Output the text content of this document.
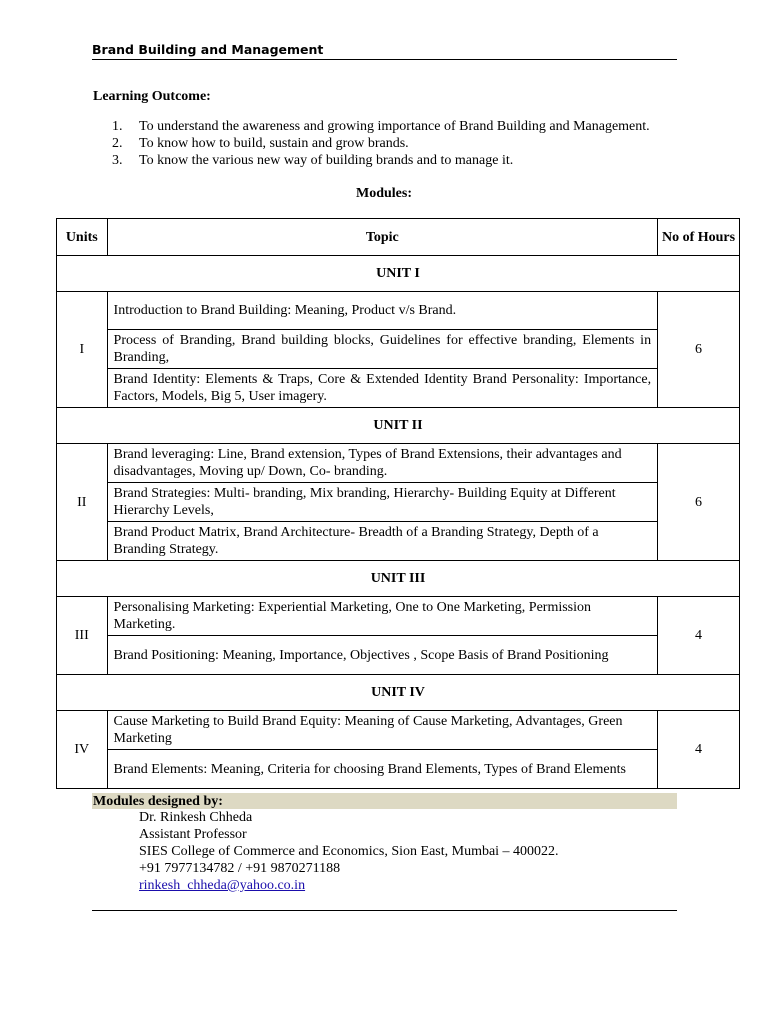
Brand Building and Management
Learning Outcome:
1. To understand the awareness and growing importance of Brand Building and Management.
2. To know how to build, sustain and grow brands.
3. To know the various new way of building brands and to manage it.
Modules:
Units	Topic	No of Hours
UNIT I		
I	Introduction to Brand Building: Meaning, Product v/s Brand.	6
	Process of Branding, Brand building blocks, Guidelines for effective branding, Elements in Branding,	
	Brand Identity: Elements & Traps, Core & Extended Identity Brand Personality: Importance, Factors, Models, Big 5, User imagery.	
UNIT II		
II	Brand leveraging: Line, Brand extension, Types of Brand Extensions, their advantages and disadvantages, Moving up/ Down, Co- branding.	6
	Brand Strategies: Multi- branding, Mix branding, Hierarchy- Building Equity at Different Hierarchy Levels,	
	Brand Product Matrix, Brand Architecture- Breadth of a Branding Strategy, Depth of a Branding Strategy.	
UNIT III		
III	Personalising Marketing: Experiential Marketing, One to One Marketing, Permission Marketing.	4
	Brand Positioning: Meaning, Importance, Objectives , Scope Basis of Brand Positioning	
UNIT IV		
IV	Cause Marketing to Build Brand Equity: Meaning of Cause Marketing, Advantages, Green Marketing	4
	Brand Elements: Meaning, Criteria for choosing Brand Elements, Types of Brand Elements	
Modules designed by:
Dr. Rinkesh Chheda
Assistant Professor
SIES College of Commerce and Economics, Sion East, Mumbai – 400022.
+91 7977134782 / +91 9870271188
rinkesh_chheda@yahoo.co.in
